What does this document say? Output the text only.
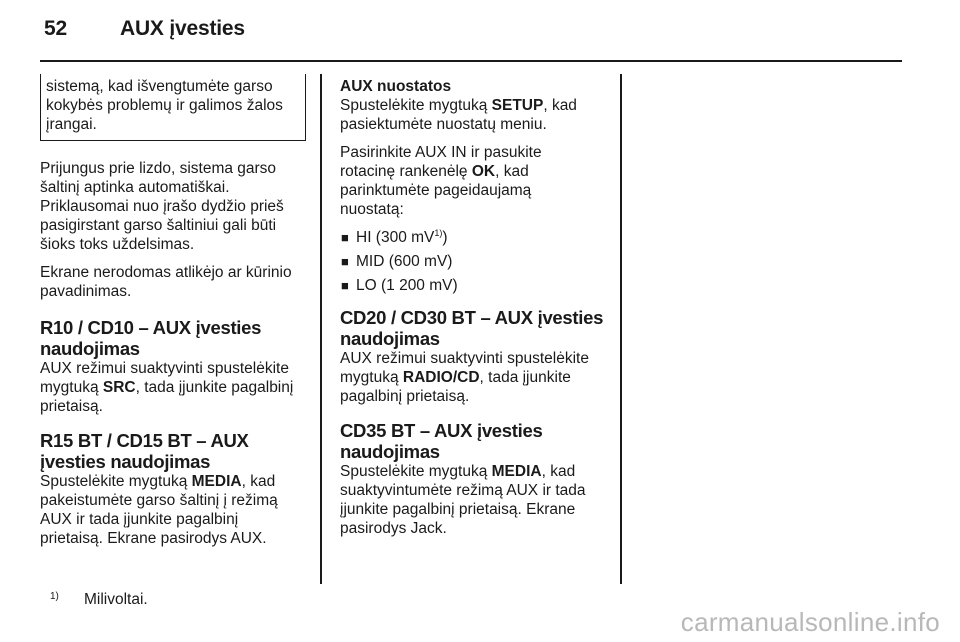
52	AUX įvesties
sistemą, kad išvengtumėte garso kokybės problemų ir galimos žalos įrangai.

Prijungus prie lizdo, sistema garso
šaltinį aptinka automatiškai.
Priklausomai nuo įrašo dydžio prieš
pasigirstant garso šaltiniui gali būti
šioks toks uždelsimas.

Ekrane nerodomas atlikėjo ar kūrinio
pavadinimas.

R10 / CD10 – AUX įvesties
naudojimas

AUX režimui suaktyvinti spustelėkite
mygtuką SRC, tada įjunkite pagalbinį
prietaisą.

R15 BT / CD15 BT – AUX
įvesties naudojimas

Spustelėkite mygtuką MEDIA, kad
pakeistumėte garso šaltinį į režimą
AUX ir tada įjunkite pagalbinį
prietaisą. Ekrane pasirodys AUX.

AUX nuostatos

Spustelėkite mygtuką SETUP, kad
pasiektumėte nuostatų meniu.

Pasirinkite AUX IN ir pasukite
rotacinę rankenėlę OK, kad
parinktumėte pageidaujamą
nuostatą:

■ HI (300 $mV^{1)}$)
■ MID (600 mV)
■ LO (1 200 mV)
CD20 / CD30 BT – AUX įvesties
naudojimas

AUX režimui suaktyvinti spustelėkite
mygtuką RADIO/CD, tada įjunkite
pagalbinį prietaisą.

CD35 BT – AUX įvesties
naudojimas

Spustelėkite mygtuką MEDIA, kad
suaktyvintumėte režimą AUX ir tada
įjunkite pagalbinį prietaisą. Ekrane
pasirodys Jack.

1) Milivoltai.
carmanualsonline.info
